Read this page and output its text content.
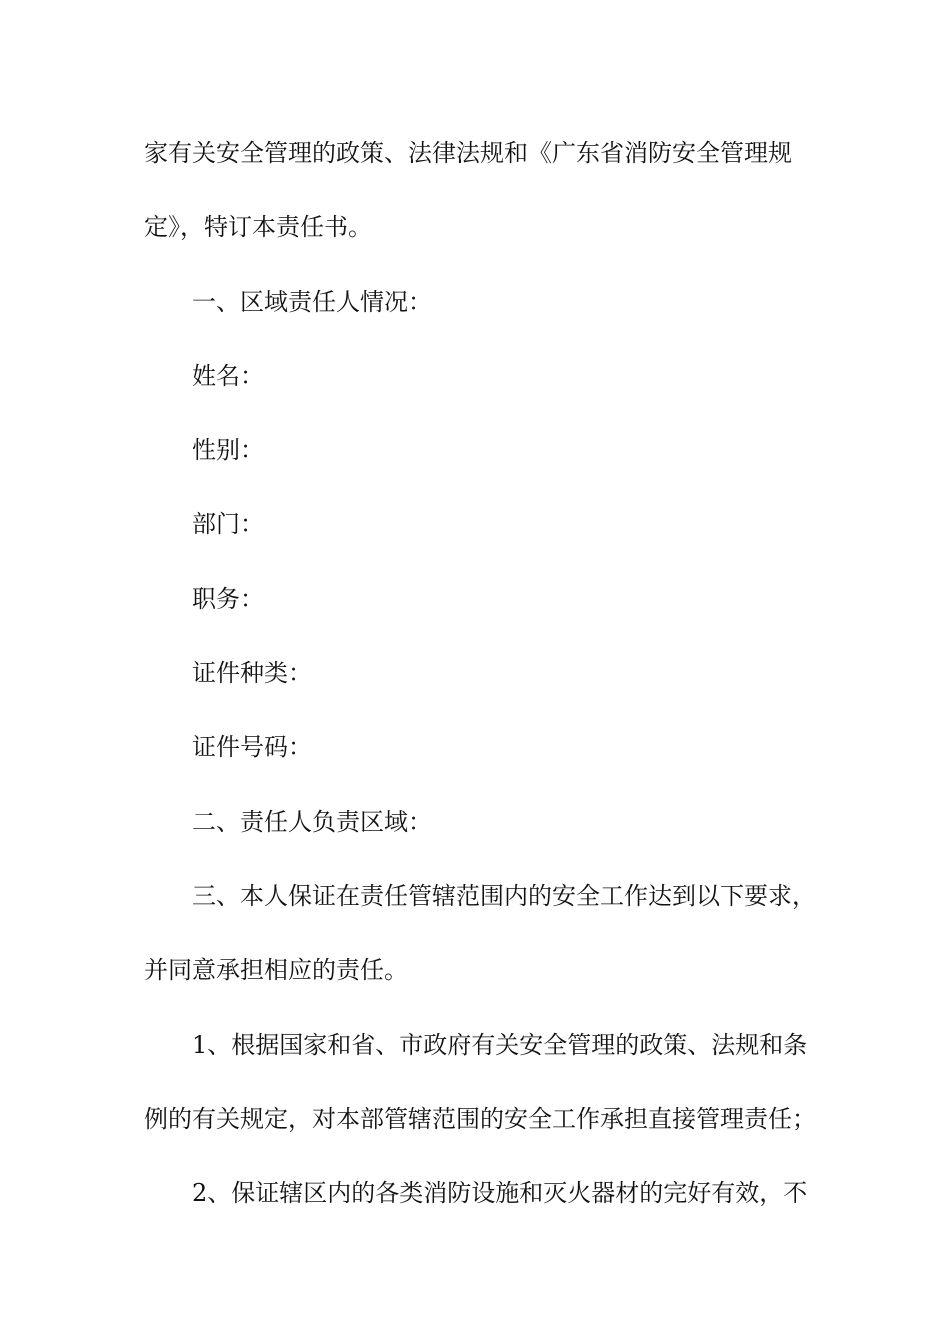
家有关安全管理的政策、法律法规和《广东省消防安全管理规
定》，特订本责任书。
一、区域责任人情况：
姓名：
性别：
部门：
职务：
证件种类：
证件号码：
二、责任人负责区域：
三、本人保证在责任管辖范围内的安全工作达到以下要求，
并同意承担相应的责任。
1、根据国家和省、市政府有关安全管理的政策、法规和条
例的有关规定，对本部管辖范围的安全工作承担直接管理责任；
2、保证辖区内的各类消防设施和灭火器材的完好有效，不
